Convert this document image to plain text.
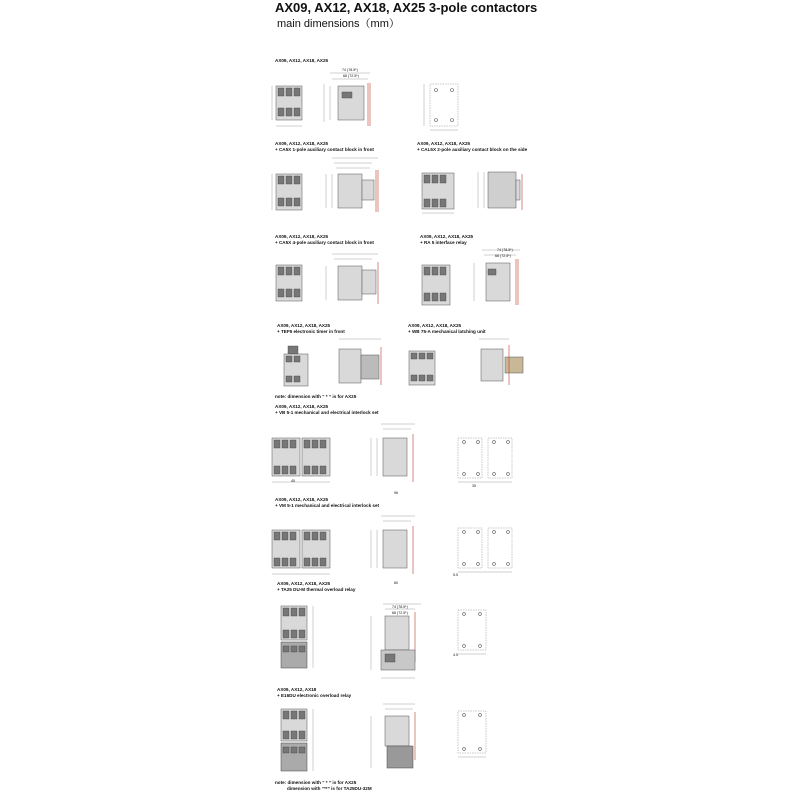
AX09, AX12, AX18, AX25 3-pole contactors
main dimensions（mm）
AX09, AX12, AX18, AX25
AX09, AX12, AX18, AX25
+ CA5X 1-pole auxiliary contact block in front
AX09, AX12, AX18, AX25
+ CAL5X 2-pole auxiliary contact block on the side
AX09, AX12, AX18, AX25
+ CA5X 4-pole auxiliary contact block in front
AX09, AX12, AX18, AX25
+ RA 5 interface relay
AX09, AX12, AX18, AX25
+ TEF5 electronic timer in front
AX09, AX12, AX18, AX25
+ WB 75-A mechanical latching unit
note: dimension with “ * ” is for AX25
AX09, AX12, AX18, AX25
+ VB 5-1 mechanical and electrical interlock set
AX09, AX12, AX18, AX25
+ VM 5-1 mechanical and electrical interlock set
AX09, AX12, AX18, AX25
+ TA25 DU-M thermal overload relay
AX09, AX12, AX18
+ E16DU electronic overload relay
note: dimension with “ * ” is for AX25
dimension with “**” is for TA25DU-32M
74 (78.5*)
68 (72.5*)
74 (78.5*)
68 (72.5*)
74 (78.5*)
68 (72.5*)
45
35
96
80
5.5
4.5
